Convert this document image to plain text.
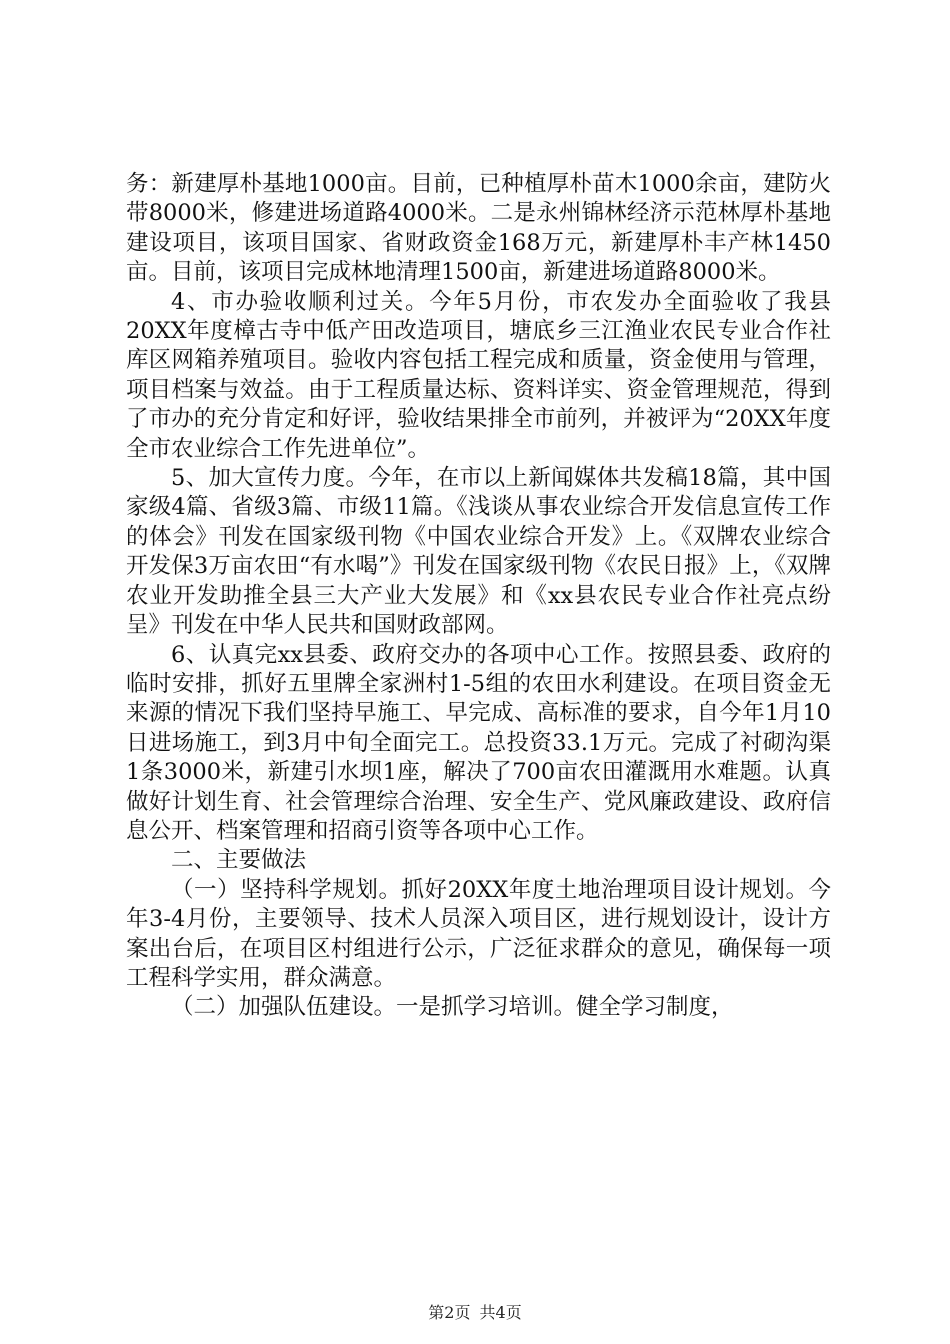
务：新建厚朴基地1000亩。目前，已种植厚朴苗木1000余亩，建防火带8000米，修建进场道路4000米。二是永州锦林经济示范林厚朴基地建设项目，该项目国家、省财政资金168万元，新建厚朴丰产林1450亩。目前，该项目完成林地清理1500亩，新建进场道路8000米。

4、市办验收顺利过关。今年5月份，市农发办全面验收了我县20XX年度樟古寺中低产田改造项目，塘底乡三江渔业农民专业合作社库区网箱养殖项目。验收内容包括工程完成和质量，资金使用与管理，项目档案与效益。由于工程质量达标、资料详实、资金管理规范，得到了市办的充分肯定和好评，验收结果排全市前列，并被评为“20XX年度全市农业综合工作先进单位”。

5、加大宣传力度。今年，在市以上新闻媒体共发稿18篇，其中国家级4篇、省级3篇、市级11篇。《浅谈从事农业综合开发信息宣传工作的体会》刊发在国家级刊物《中国农业综合开发》上。《双牌农业综合开发保3万亩农田“有水喝”》刊发在国家级刊物《农民日报》上，《双牌农业开发助推全县三大产业大发展》和《xx县农民专业合作社亮点纷呈》刊发在中华人民共和国财政部网。

6、认真完xx县委、政府交办的各项中心工作。按照县委、政府的临时安排，抓好五里牌全家洲村1-5组的农田水利建设。在项目资金无来源的情况下我们坚持早施工、早完成、高标准的要求，自今年1月10日进场施工，到3月中旬全面完工。总投资33.1万元。完成了衬砌沟渠1条3000米，新建引水坝1座，解决了700亩农田灌溉用水难题。认真做好计划生育、社会管理综合治理、安全生产、党风廉政建设、政府信息公开、档案管理和招商引资等各项中心工作。

二、主要做法

（一）坚持科学规划。抓好20XX年度土地治理项目设计规划。今年3-4月份，主要领导、技术人员深入项目区，进行规划设计，设计方案出台后，在项目区村组进行公示，广泛征求群众的意见，确保每一项工程科学实用，群众满意。

（二）加强队伍建设。一是抓学习培训。健全学习制度，

第2页 共4页
